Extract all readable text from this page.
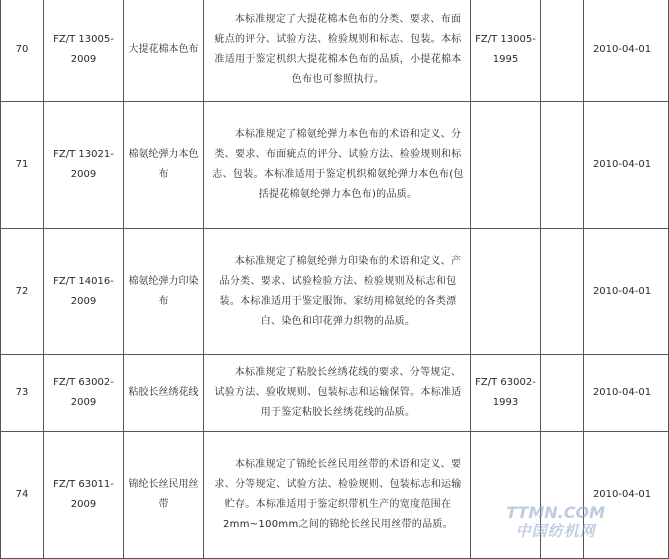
70	FZ/T 13005-2009	大提花棉本色布	本标准规定了大提花棉本色布的分类、要求、布面疵点的评分、试验方法、检验规则和标志、包装。本标准适用于鉴定机织大提花棉本色布的品质，小提花棉本色布也可参照执行。	FZ/T 13005-1995		2010-04-01
71	FZ/T 13021-2009	棉氨纶弹力本色布	本标准规定了棉氨纶弹力本色布的术语和定义、分类、要求、布面疵点的评分、试验方法、检验规则和标志、包装。本标准适用于鉴定机织棉氨纶弹力本色布(包括提花棉氨纶弹力本色布)的品质。			2010-04-01
72	FZ/T 14016-2009	棉氨纶弹力印染布	本标准规定了棉氨纶弹力印染布的术语和定义、产品分类、要求、试验检验方法、检验规则及标志和包装。本标准适用于鉴定服饰、家纺用棉氨纶的各类漂白、染色和印花弹力织物的品质。			2010-04-01
73	FZ/T 63002-2009	粘胶长丝绣花线	本标准规定了粘胶长丝绣花线的要求、分等规定、试验方法、验收规则、包装标志和运输保管。本标准适用于鉴定粘胶长丝绣花线的品质。	FZ/T 63002-1993		2010-04-01
74	FZ/T 63011-2009	锦纶长丝民用丝带	本标准规定了锦纶长丝民用丝带的术语和定义、要求、分等规定、试验方法、检验规则、包装标志和运输贮存。本标准适用于鉴定织带机生产的宽度范围在2mm~100mm之间的锦纶长丝民用丝带的品质。			2010-04-01
TTMN.COM
中国纺机网
